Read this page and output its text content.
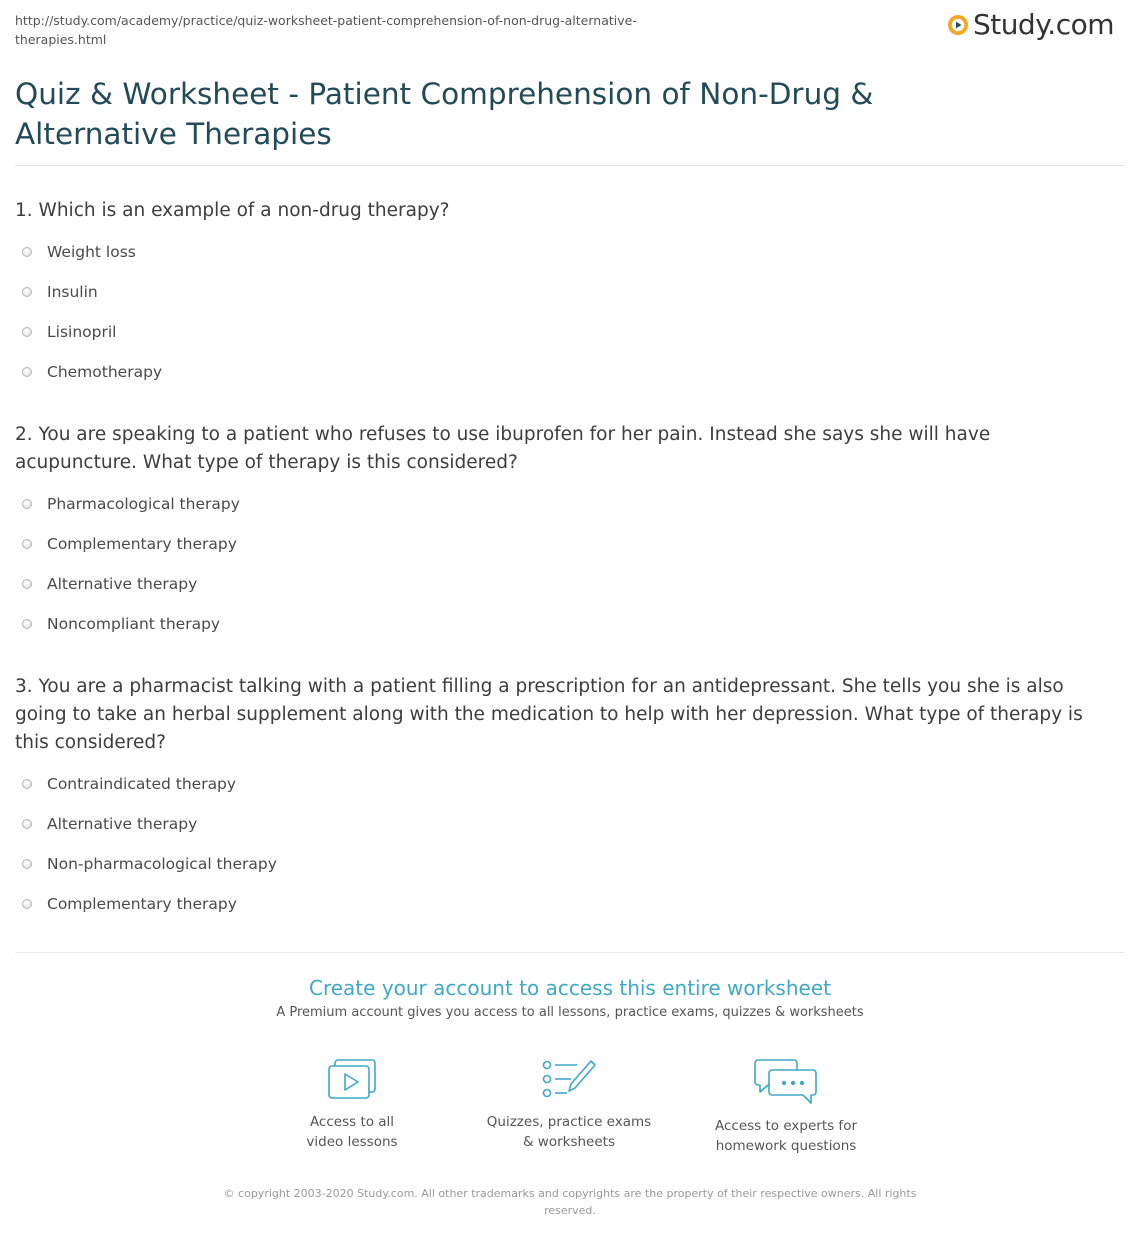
http://study.com/academy/practice/quiz-worksheet-patient-comprehension-of-non-drug-alternative-therapies.html	Study.com
Quiz & Worksheet - Patient Comprehension of Non-Drug & Alternative Therapies

1. Which is an example of a non-drug therapy?

Weight loss
Insulin
Lisinopril
Chemotherapy

2. You are speaking to a patient who refuses to use ibuprofen for her pain. Instead she says she will have acupuncture. What type of therapy is this considered?

Pharmacological therapy
Complementary therapy
Alternative therapy
Noncompliant therapy

3. You are a pharmacist talking with a patient filling a prescription for an antidepressant. She tells you she is also going to take an herbal supplement along with the medication to help with her depression. What type of therapy is this considered?

Contraindicated therapy
Alternative therapy
Non-pharmacological therapy
Complementary therapy
Create your account to access this entire worksheet
A Premium account gives you access to all lessons, practice exams, quizzes & worksheets
Access to all
video lessons
Quizzes, practice exams
& worksheets
Access to experts for
homework questions
© copyright 2003-2020 Study.com. All other trademarks and copyrights are the property of their respective owners. All rights reserved.
